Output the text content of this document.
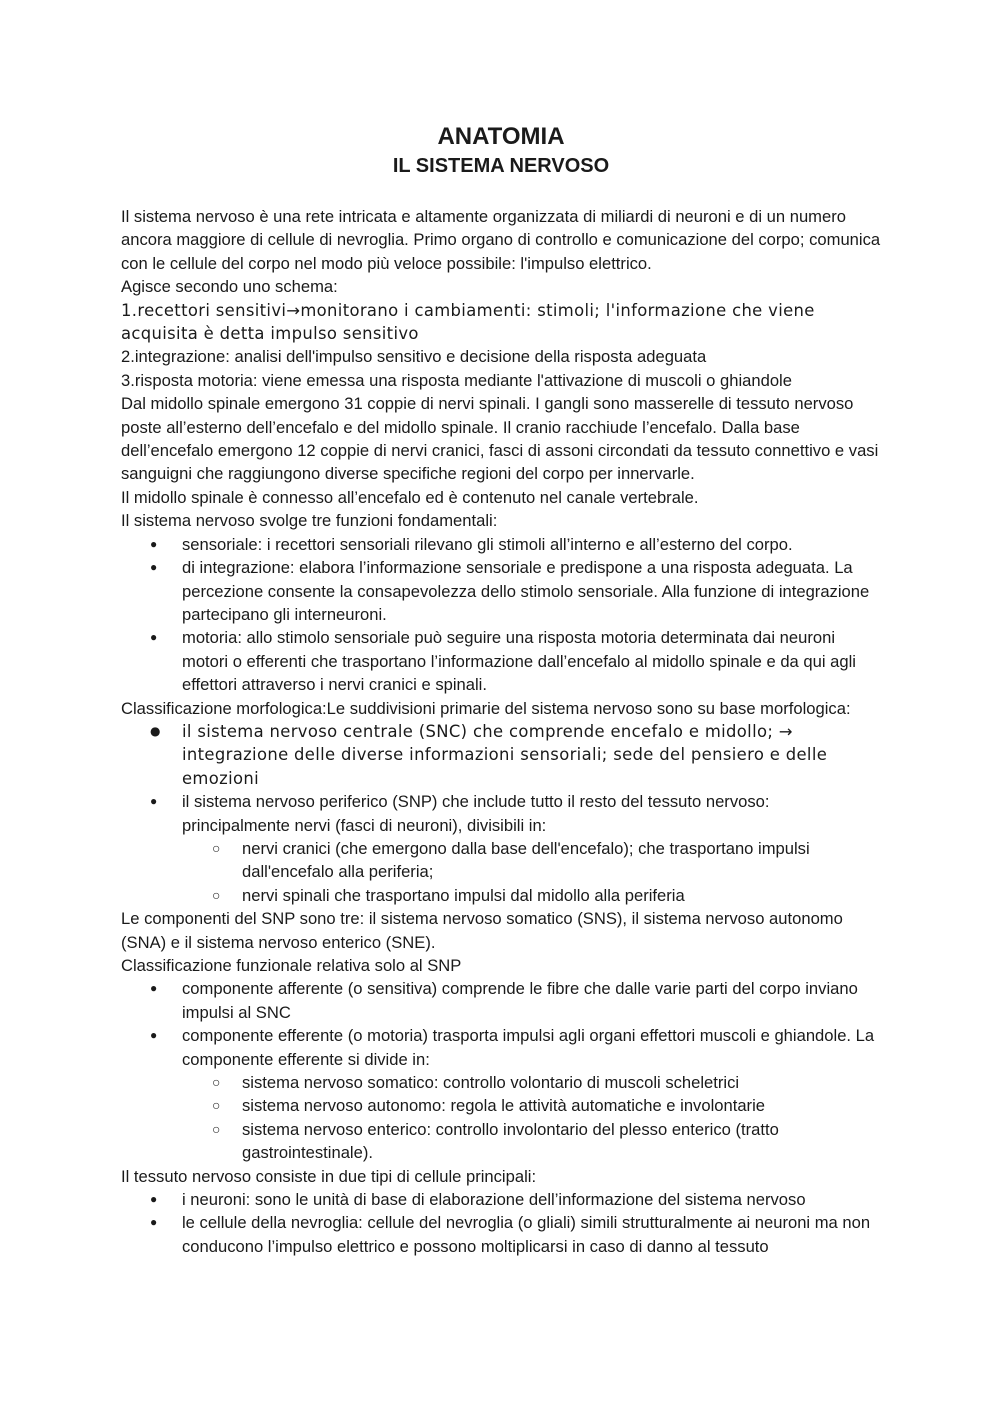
ANATOMIA
IL SISTEMA NERVOSO

Il sistema nervoso è una rete intricata e altamente organizzata di miliardi di neuroni e di un numero ancora maggiore di cellule di nevroglia. Primo organo di controllo e comunicazione del corpo; comunica con le cellule del corpo nel modo più veloce possibile: l'impulso elettrico.

Agisce secondo uno schema:

1.recettori sensitivi→monitorano i cambiamenti: stimoli; l'informazione che viene acquisita è detta impulso sensitivo

2.integrazione: analisi dell'impulso sensitivo e decisione della risposta adeguata

3.risposta motoria: viene emessa una risposta mediante l'attivazione di muscoli o ghiandole

Dal midollo spinale emergono 31 coppie di nervi spinali. I gangli sono masserelle di tessuto nervoso poste all’esterno dell’encefalo e del midollo spinale. Il cranio racchiude l’encefalo. Dalla base dell’encefalo emergono 12 coppie di nervi cranici, fasci di assoni circondati da tessuto connettivo e vasi sanguigni che raggiungono diverse specifiche regioni del corpo per innervarle.

Il midollo spinale è connesso all’encefalo ed è contenuto nel canale vertebrale.

Il sistema nervoso svolge tre funzioni fondamentali:

● sensoriale: i recettori sensoriali rilevano gli stimoli all’interno e all’esterno del corpo.
● di integrazione: elabora l’informazione sensoriale e predispone a una risposta adeguata. La percezione consente la consapevolezza dello stimolo sensoriale. Alla funzione di integrazione partecipano gli interneuroni.
● motoria: allo stimolo sensoriale può seguire una risposta motoria determinata dai neuroni motori o efferenti che trasportano l’informazione dall’encefalo al midollo spinale e da qui agli effettori attraverso i nervi cranici e spinali.

Classificazione morfologica:Le suddivisioni primarie del sistema nervoso sono su base morfologica:

● il sistema nervoso centrale (SNC) che comprende encefalo e midollo; → integrazione delle diverse informazioni sensoriali; sede del pensiero e delle emozioni
● il sistema nervoso periferico (SNP) che include tutto il resto del tessuto nervoso: principalmente nervi (fasci di neuroni), divisibili in:
○ nervi cranici (che emergono dalla base dell'encefalo); che trasportano impulsi dall'encefalo alla periferia;
○ nervi spinali che trasportano impulsi dal midollo alla periferia

Le componenti del SNP sono tre: il sistema nervoso somatico (SNS), il sistema nervoso autonomo (SNA) e il sistema nervoso enterico (SNE).

Classificazione funzionale relativa solo al SNP

● componente afferente (o sensitiva) comprende le fibre che dalle varie parti del corpo inviano impulsi al SNC
● componente efferente (o motoria) trasporta impulsi agli organi effettori muscoli e ghiandole. La componente efferente si divide in:
○ sistema nervoso somatico: controllo volontario di muscoli scheletrici
○ sistema nervoso autonomo: regola le attività automatiche e involontarie
○ sistema nervoso enterico: controllo involontario del plesso enterico (tratto gastrointestinale).

Il tessuto nervoso consiste in due tipi di cellule principali:

● i neuroni: sono le unità di base di elaborazione dell’informazione del sistema nervoso
● le cellule della nevroglia: cellule del nevroglia (o gliali) simili strutturalmente ai neuroni ma non conducono l’impulso elettrico e possono moltiplicarsi in caso di danno al tessuto
